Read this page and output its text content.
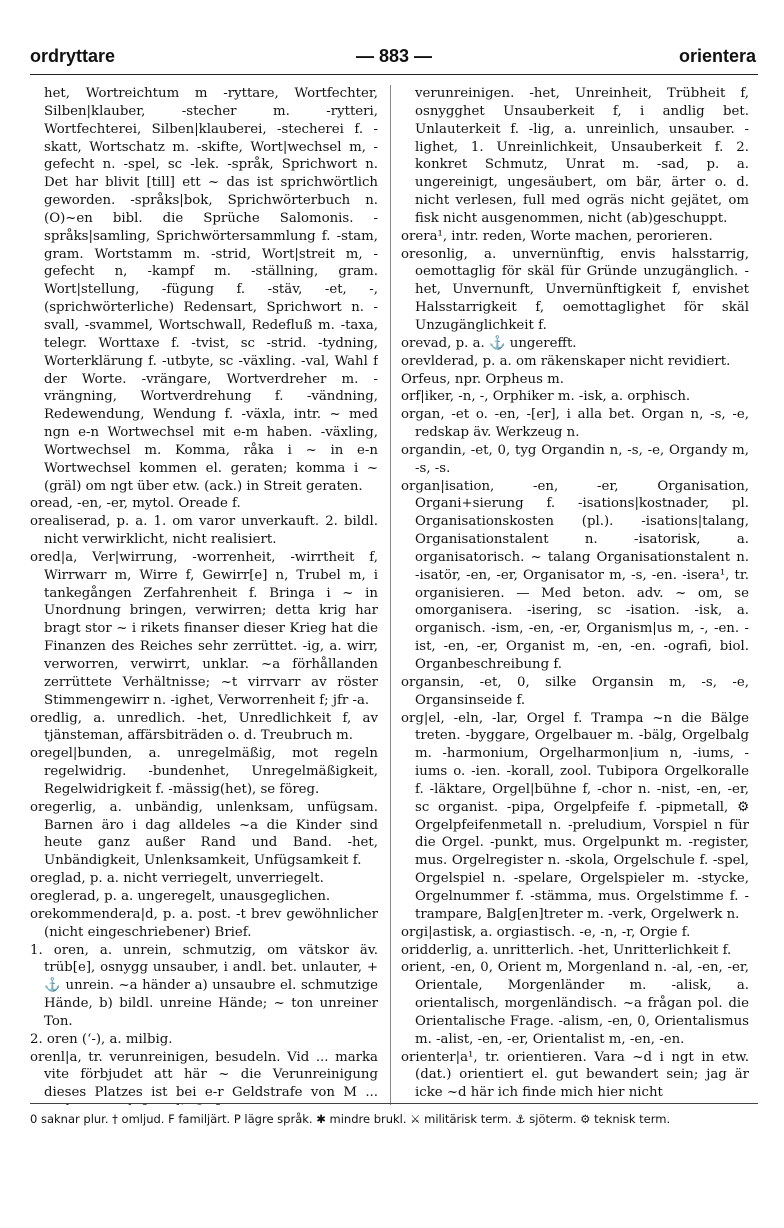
ordryttare	— 883 —	orientera

het, Wortreichtum m -ryttare, Wortfechter, Silben|klauber, -stecher m. -rytteri, Wortfechterei, Silben|klauberei, -stecherei f. -skatt, Wortschatz m. -skifte, Wort|wechsel m, -gefecht n. -spel, sc -lek. -språk, Sprichwort n. Det har blivit [till] ett ~ das ist sprichwörtlich geworden. -språks|bok, Sprichwörterbuch n. (O)~en bibl. die Sprüche Salomonis. -språks|samling, Sprichwörtersammlung f. -stam, gram. Wortstamm m. -strid, Wort|streit m, -gefecht n, -kampf m. -ställning, gram. Wort|stellung, -fügung f. -stäv, -et, -, (sprichwörterliche) Redensart, Sprichwort n. -svall, -svammel, Wortschwall, Redefluß m. -taxa, telegr. Worttaxe f. -tvist, sc -strid. -tydning, Worterklärung f. -utbyte, sc -växling. -val, Wahl f der Worte. -vrängare, Wortverdreher m. -vrängning, Wortverdrehung f. -vändning, Redewendung, Wendung f. -växla, intr. ~ med ngn e-n Wortwechsel mit e-m haben. -växling, Wortwechsel m. Komma, råka i ~ in e-n Wortwechsel kommen el. geraten; komma i ~ (gräl) om ngt über etw. (ack.) in Streit geraten.

oread, -en, -er, mytol. Oreade f.

orealiserad, p. a. 1. om varor unverkauft. 2. bildl. nicht verwirklicht, nicht realisiert.

ored|a, Ver|wirrung, -worrenheit, -wirrtheit f, Wirrwarr m, Wirre f, Gewirr[e] n, Trubel m, i tankegången Zerfahrenheit f. Bringa i ~ in Unordnung bringen, verwirren; detta krig har bragt stor ~ i rikets finanser dieser Krieg hat die Finanzen des Reiches sehr zerrüttet. -ig, a. wirr, verworren, verwirrt, unklar. ~a förhållanden zerrüttete Verhältnisse; ~t virrvarr av röster Stimmengewirr n. -ighet, Verworrenheit f; jfr -a.

oredlig, a. unredlich. -het, Unredlichkeit f, av tjänsteman, affärsbiträden o. d. Treubruch m.

oregel|bunden, a. unregelmäßig, mot regeln regelwidrig. -bundenhet, Unregelmäßigkeit, Regelwidrigkeit f. -mässig(het), se föreg.

oregerlig, a. unbändig, unlenksam, unfügsam. Barnen äro i dag alldeles ~a die Kinder sind heute ganz außer Rand und Band. -het, Unbändigkeit, Unlenksamkeit, Unfügsamkeit f.

oreglad, p. a. nicht verriegelt, unverriegelt.

oreglerad, p. a. ungeregelt, unausgeglichen.

orekommendera|d, p. a. post. -t brev gewöhnlicher (nicht eingeschriebener) Brief.

1. oren, a. unrein, schmutzig, om vätskor äv. trüb[e], osnygg unsauber, i andl. bet. unlauter, + ⚓ unrein. ~a händer a) unsaubre el. schmutzige Hände, b) bildl. unreine Hände; ~ ton unreiner Ton.

2. oren (‘-), a. milbig.

orenl|a, tr. verunreinigen, besudeln. Vid ... marka vite förbjudet att här ~ die Verunreinigung dieses Platzes ist bei e-r Geldstrafe von M ...

verunreinigen. -het, Unreinheit, Trübheit f, osnygghet Unsauberkeit f, i andlig bet. Unlauterkeit f. -lig, a. unreinlich, unsauber. -lighet, 1. Unreinlichkeit, Unsauberkeit f. 2. konkret Schmutz, Unrat m. -sad, p. a. ungereinigt, ungesäubert, om bär, ärter o. d. nicht verlesen, full med ogräs nicht gejätet, om fisk nicht ausgenommen, nicht (ab)geschuppt.

orera¹, intr. reden, Worte machen, perorieren.

oresonlig, a. unvernünftig, envis halsstarrig, oemottaglig för skäl für Gründe unzugänglich. -het, Unvernunft, Unvernünftigkeit f, envishet Halsstarrigkeit f, oemottaglighet för skäl Unzugänglichkeit f.

orevad, p. a. ⚓ ungerefft.

orevlderad, p. a. om räkenskaper nicht revidiert.

Orfeus, npr. Orpheus m.

orf|iker, -n, -, Orphiker m. -isk, a. orphisch.

organ, -et o. -en, -[er], i alla bet. Organ n, -s, -e, redskap äv. Werkzeug n.

organdin, -et, 0, tyg Organdin n, -s, -e, Organdy m, -s, -s.

organ|isation, -en, -er, Organisation, Organi+sierung f. -isations|kostnader, pl. Organisationskosten (pl.). -isations|talang, Organisationstalent n. -isatorisk, a. organisatorisch. ~ talang Organisationstalent n. -isatör, -en, -er, Organisator m, -s, -en. -isera¹, tr. organisieren. — Med beton. adv. ~ om, se omorganisera. -isering, sc -isation. -isk, a. organisch. -ism, -en, -er, Organism|us m, -, -en. -ist, -en, -er, Organist m, -en, -en. -ografi, biol. Organbeschreibung f.

organsin, -et, 0, silke Organsin m, -s, -e, Organsinseide f.

org|el, -eln, -lar, Orgel f. Trampa ~n die Bälge treten. -byggare, Orgelbauer m. -bälg, Orgelbalg m. -harmonium, Orgelharmon|ium n, -iums, -iums o. -ien. -korall, zool. Tubipora Orgelkoralle f. -läktare, Orgel|bühne f, -chor n. -nist, -en, -er, sc organist. -pipa, Orgelpfeife f. -pipmetall, ⚙ Orgelpfeifenmetall n. -preludium, Vorspiel n für die Orgel. -punkt, mus. Orgelpunkt m. -register, mus. Orgelregister n. -skola, Orgelschule f. -spel, Orgelspiel n. -spelare, Orgelspieler m. -stycke, Orgelnummer f. -stämma, mus. Orgelstimme f. -trampare, Balg[en]treter m. -verk, Orgelwerk n.

orgi|astisk, a. orgiastisch. -e, -n, -r, Orgie f.

oridderlig, a. unritterlich. -het, Unritterlichkeit f.

orient, -en, 0, Orient m, Morgenland n. -al, -en, -er, Orientale, Morgenländer m. -alisk, a. orientalisch, morgenländisch. ~a frågan pol. die Orientalische Frage. -alism, -en, 0, Orientalismus m. -alist, -en, -er, Orientalist m, -en, -en.

orienter|a¹, tr. orientieren. Vara ~d i ngt in etw. (dat.) orientiert el. gut bewandert sein; jag är icke ~d här ich finde mich hier nicht

0 saknar plur. † omljud. F familjärt. P lägre språk. ✱ mindre brukl. ⚔ militärisk term. ⚓ sjöterm. ⚙ teknisk term.
